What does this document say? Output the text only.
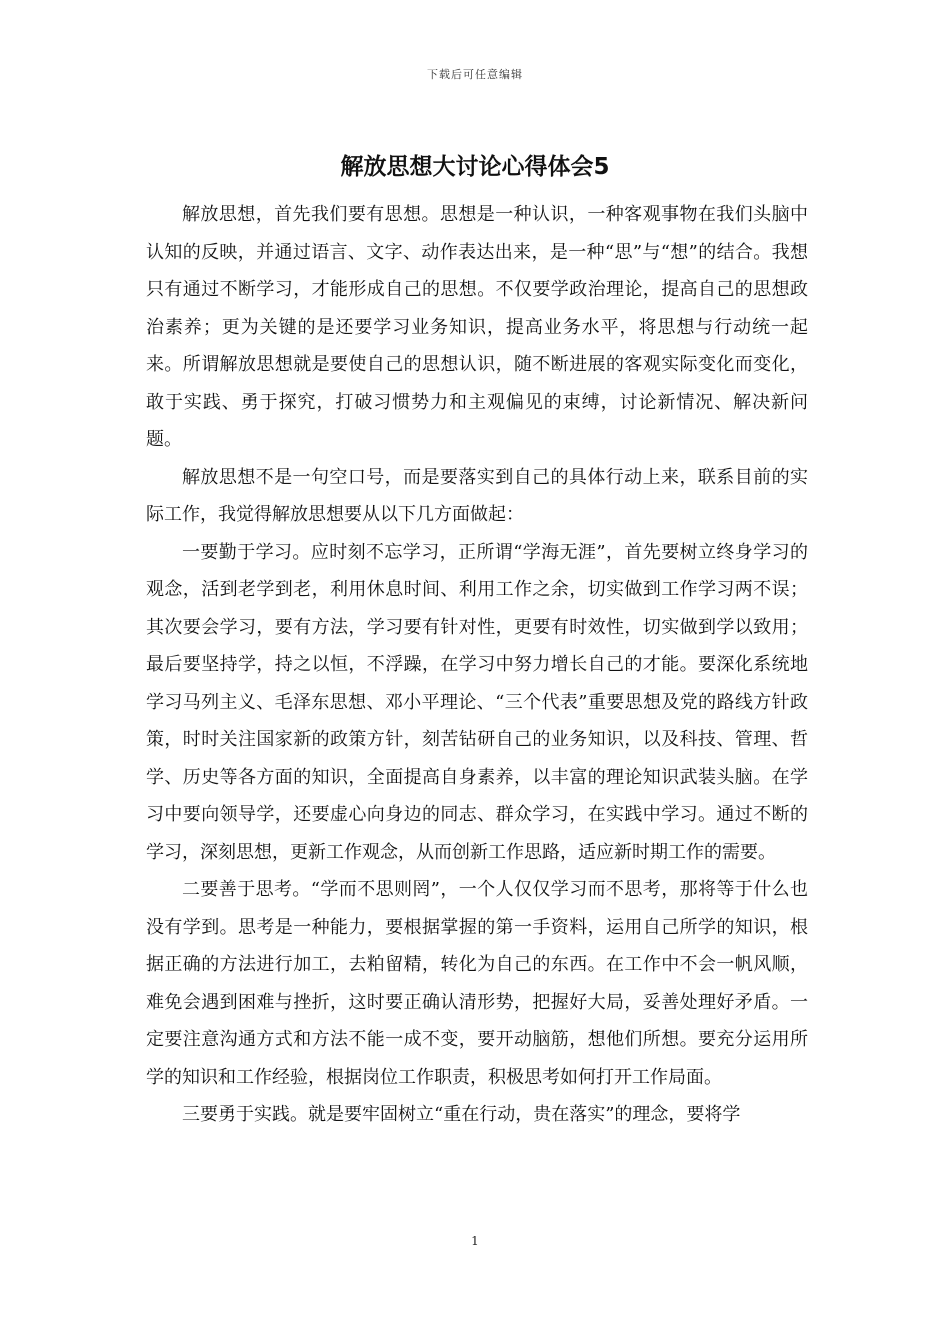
下载后可任意编辑
解放思想大讨论心得体会5

解放思想，首先我们要有思想。思想是一种认识，一种客观事物在我们头脑中认知的反映，并通过语言、文字、动作表达出来，是一种“思”与“想”的结合。我想只有通过不断学习，才能形成自己的思想。不仅要学政治理论，提高自己的思想政治素养；更为关键的是还要学习业务知识，提高业务水平，将思想与行动统一起来。所谓解放思想就是要使自己的思想认识，随不断进展的客观实际变化而变化，敢于实践、勇于探究，打破习惯势力和主观偏见的束缚，讨论新情况、解决新问题。

解放思想不是一句空口号，而是要落实到自己的具体行动上来，联系目前的实际工作，我觉得解放思想要从以下几方面做起：

一要勤于学习。应时刻不忘学习，正所谓“学海无涯”，首先要树立终身学习的观念，活到老学到老，利用休息时间、利用工作之余，切实做到工作学习两不误；其次要会学习，要有方法，学习要有针对性，更要有时效性，切实做到学以致用；最后要坚持学，持之以恒，不浮躁，在学习中努力增长自己的才能。要深化系统地学习马列主义、毛泽东思想、邓小平理论、“三个代表”重要思想及党的路线方针政策，时时关注国家新的政策方针，刻苦钻研自己的业务知识，以及科技、管理、哲学、历史等各方面的知识，全面提高自身素养，以丰富的理论知识武装头脑。在学习中要向领导学，还要虚心向身边的同志、群众学习，在实践中学习。通过不断的学习，深刻思想，更新工作观念，从而创新工作思路，适应新时期工作的需要。

二要善于思考。“学而不思则罔”，一个人仅仅学习而不思考，那将等于什么也没有学到。思考是一种能力，要根据掌握的第一手资料，运用自己所学的知识，根据正确的方法进行加工，去粕留精，转化为自己的东西。在工作中不会一帆风顺，难免会遇到困难与挫折，这时要正确认清形势，把握好大局，妥善处理好矛盾。一定要注意沟通方式和方法不能一成不变，要开动脑筋，想他们所想。要充分运用所学的知识和工作经验，根据岗位工作职责，积极思考如何打开工作局面。

三要勇于实践。就是要牢固树立“重在行动，贵在落实”的理念，要将学

1
